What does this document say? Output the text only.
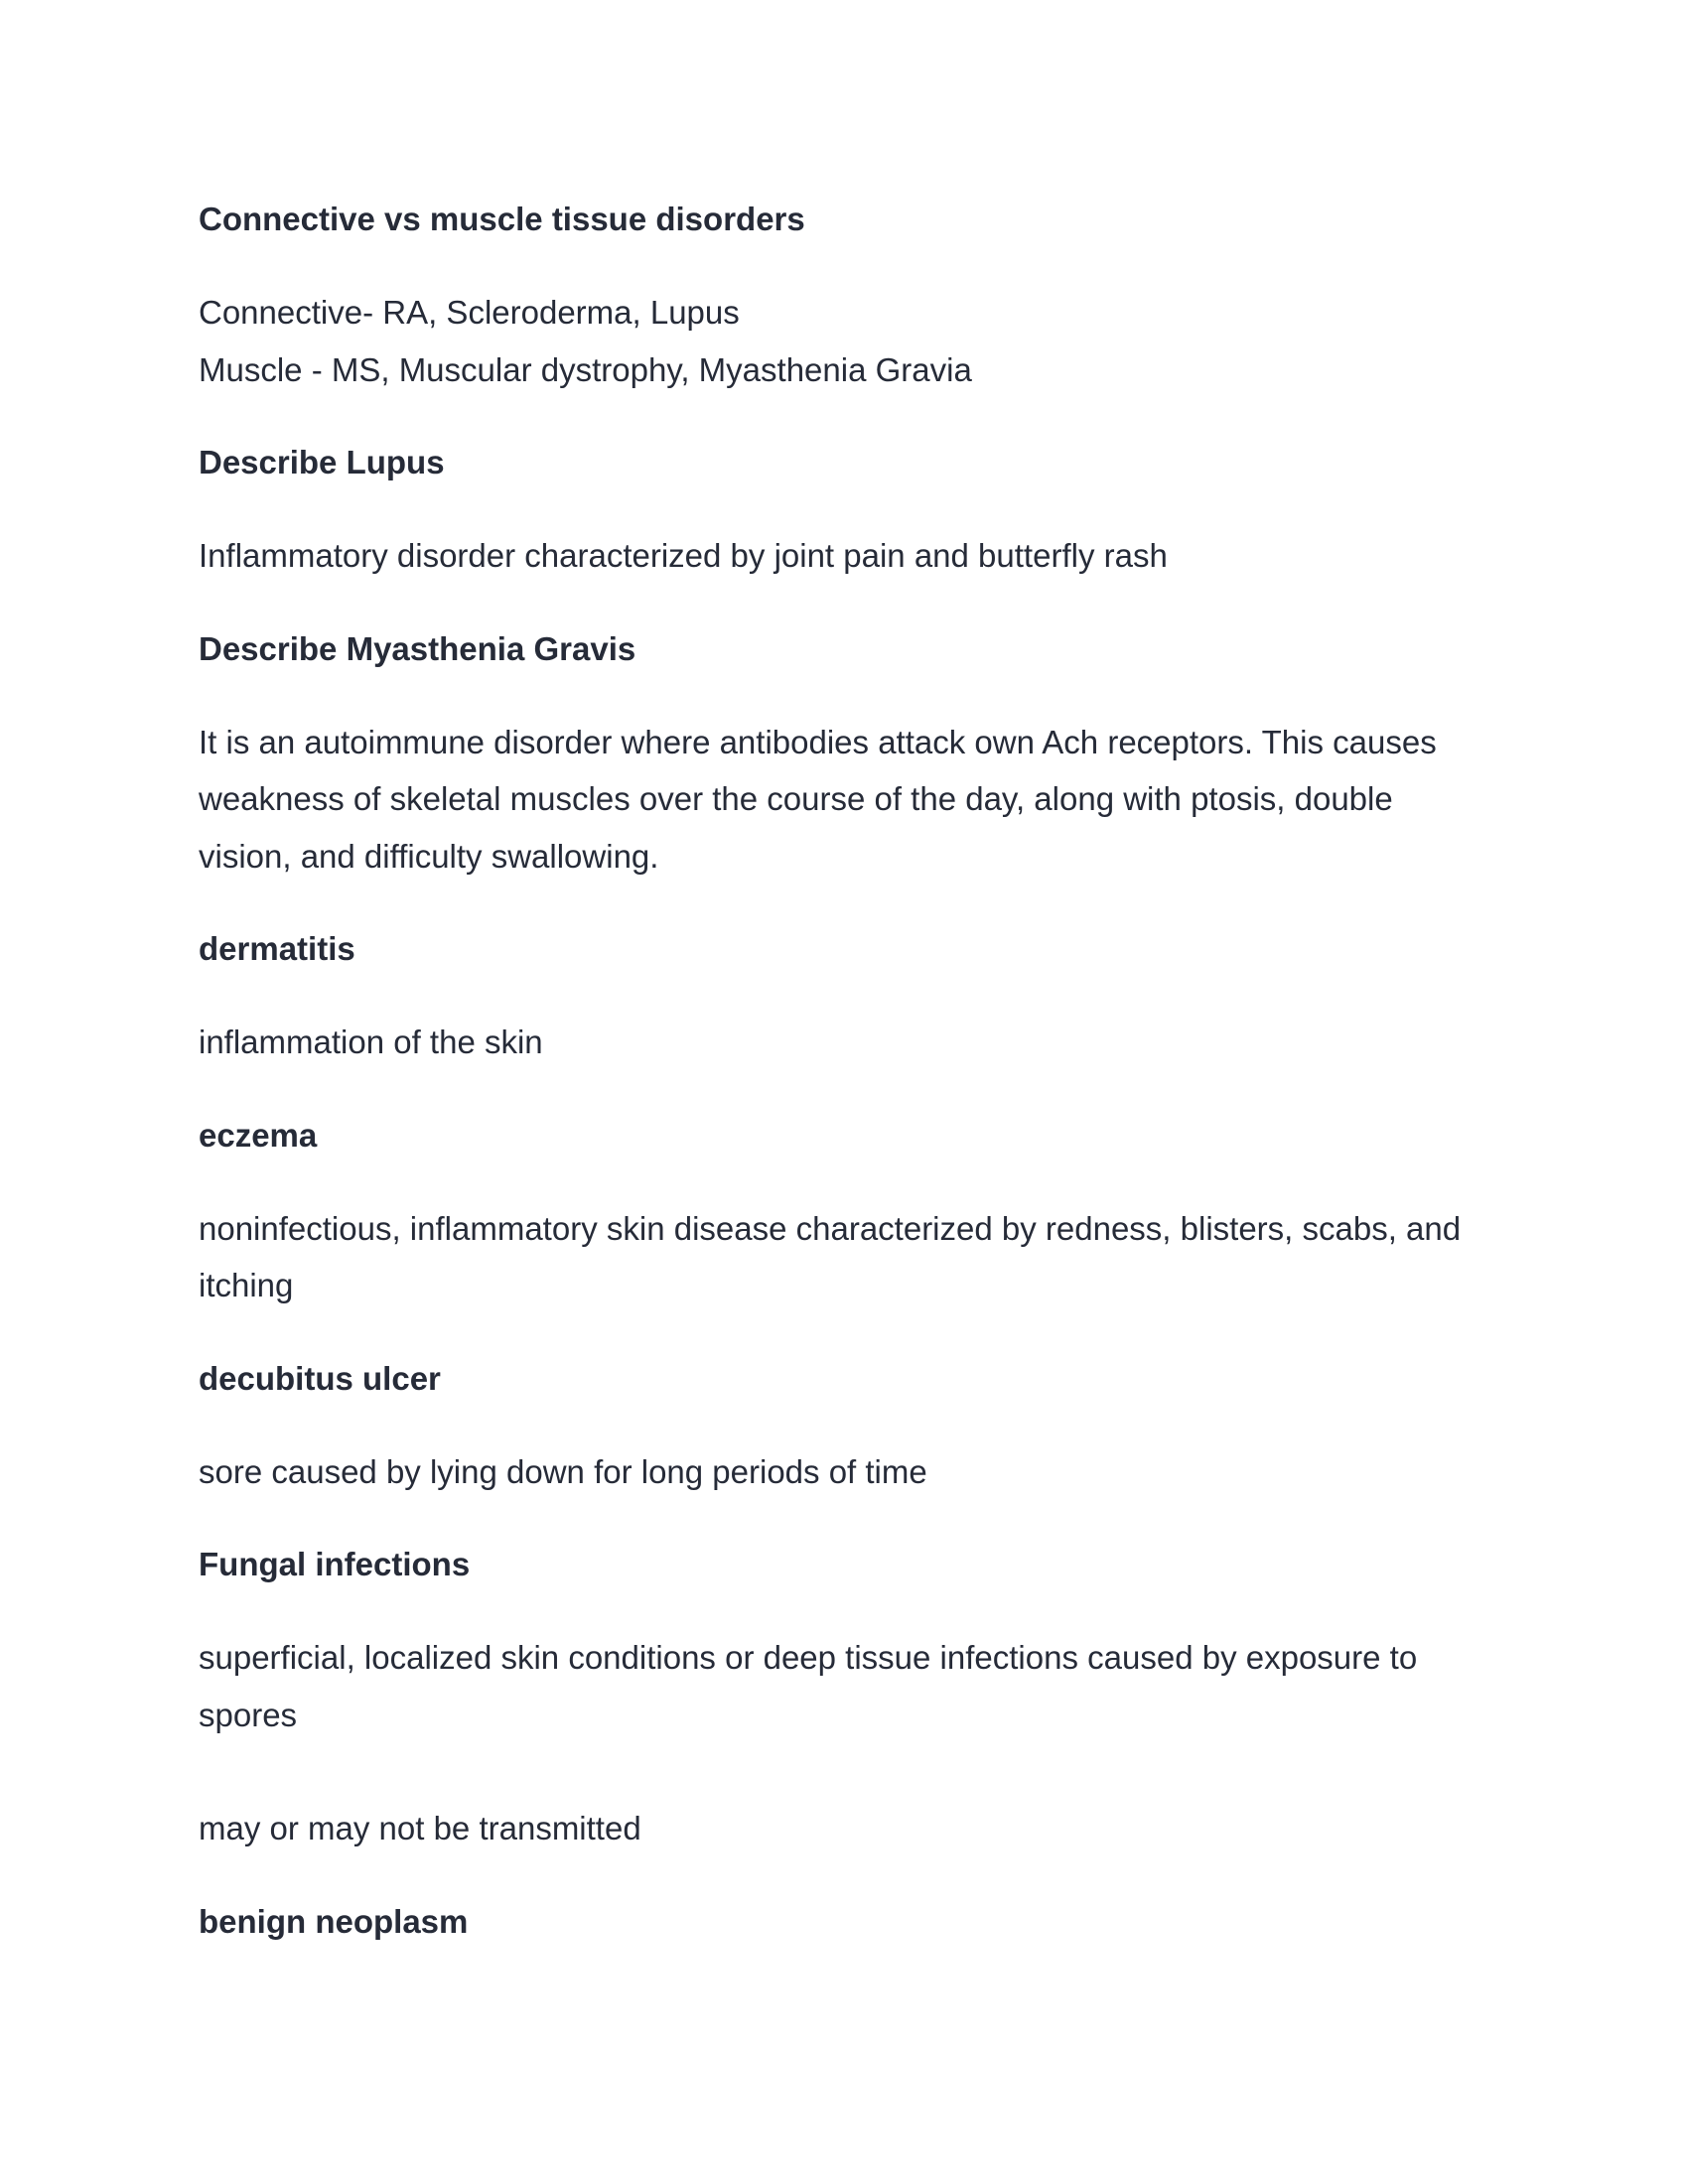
Connective vs muscle tissue disorders

Connective- RA, Scleroderma, Lupus

Muscle - MS, Muscular dystrophy, Myasthenia Gravia

Describe Lupus

Inflammatory disorder characterized by joint pain and butterfly rash

Describe Myasthenia Gravis

It is an autoimmune disorder where antibodies attack own Ach receptors. This causes weakness of skeletal muscles over the course of the day, along with ptosis, double vision, and difficulty swallowing.

dermatitis

inflammation of the skin

eczema

noninfectious, inflammatory skin disease characterized by redness, blisters, scabs, and itching

decubitus ulcer

sore caused by lying down for long periods of time

Fungal infections

superficial, localized skin conditions or deep tissue infections caused by exposure to spores

may or may not be transmitted

benign neoplasm
